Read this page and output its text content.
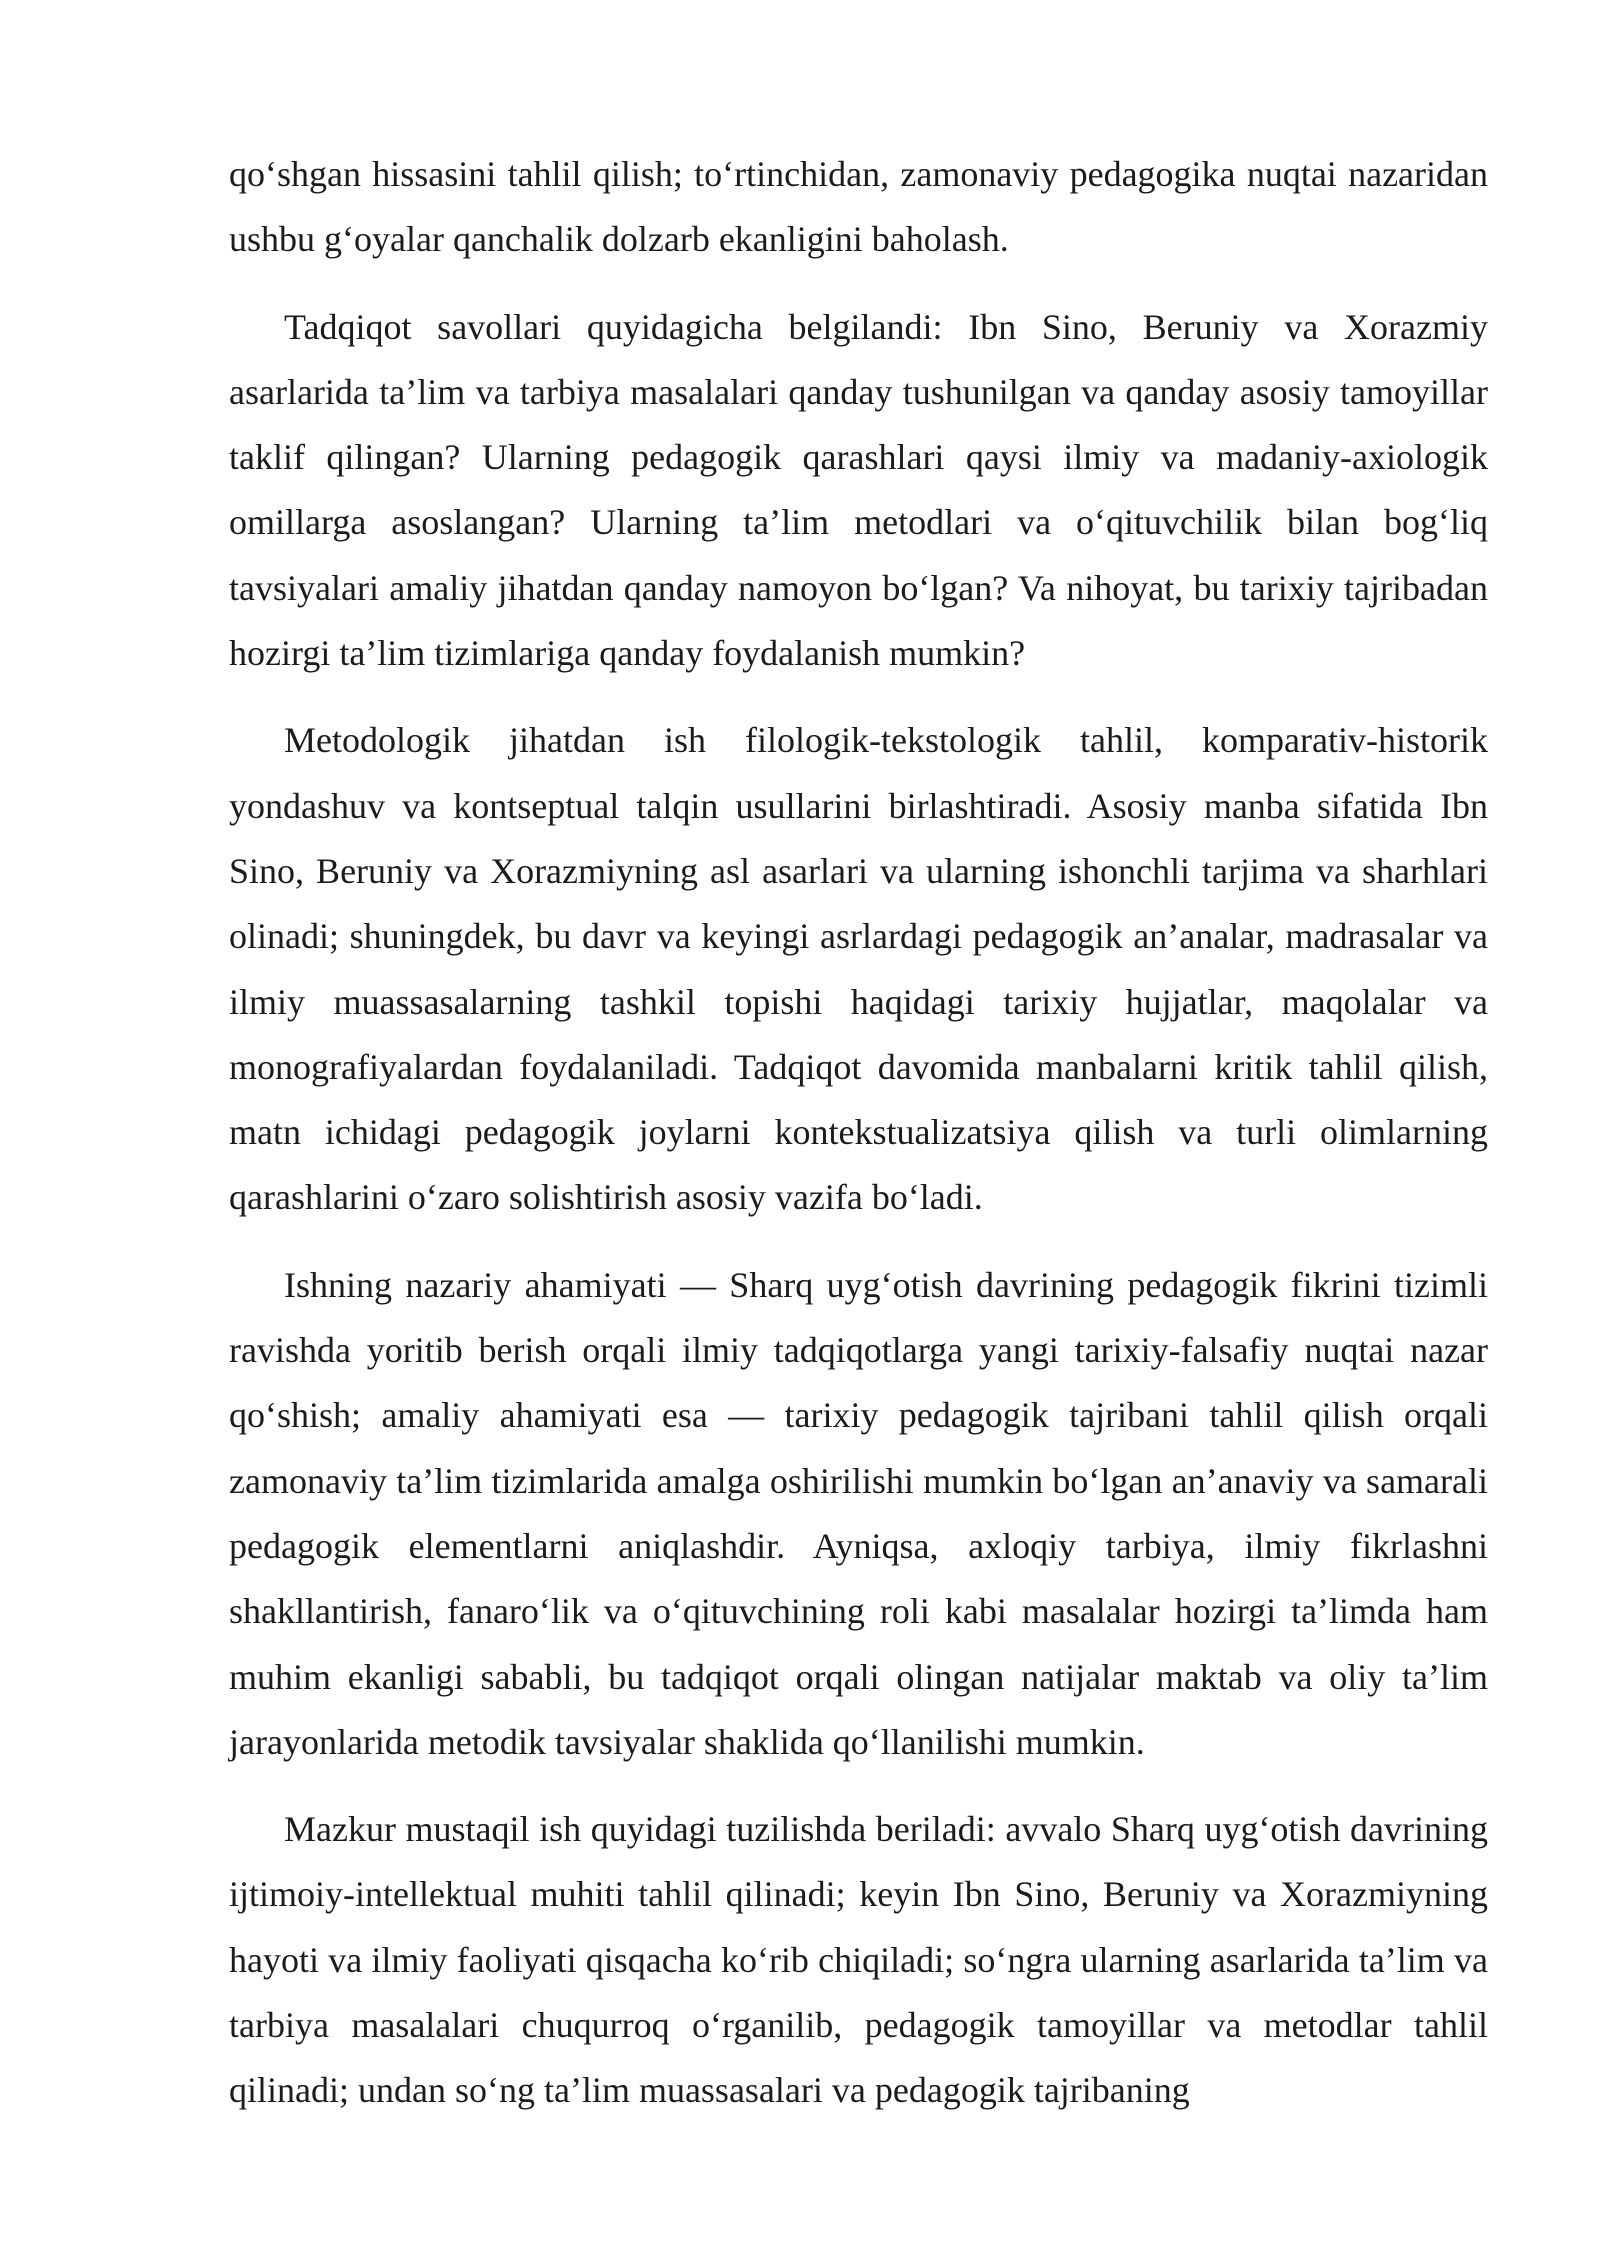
qo‘shgan hissasini tahlil qilish; to‘rtinchidan, zamonaviy pedagogika nuqtai nazaridan ushbu g‘oyalar qanchalik dolzarb ekanligini baholash.

Tadqiqot savollari quyidagicha belgilandi: Ibn Sino, Beruniy va Xorazmiy asarlarida ta’lim va tarbiya masalalari qanday tushunilgan va qanday asosiy tamoyillar taklif qilingan? Ularning pedagogik qarashlari qaysi ilmiy va madaniy-axiologik omillarga asoslangan? Ularning ta’lim metodlari va o‘qituvchilik bilan bog‘liq tavsiyalari amaliy jihatdan qanday namoyon bo‘lgan? Va nihoyat, bu tarixiy tajribadan hozirgi ta’lim tizimlariga qanday foydalanish mumkin?

Metodologik jihatdan ish filologik-tekstologik tahlil, komparativ-historik yondashuv va kontseptual talqin usullarini birlashtiradi. Asosiy manba sifatida Ibn Sino, Beruniy va Xorazmiyning asl asarlari va ularning ishonchli tarjima va sharhlari olinadi; shuningdek, bu davr va keyingi asrlardagi pedagogik an’analar, madrasalar va ilmiy muassasalarning tashkil topishi haqidagi tarixiy hujjatlar, maqolalar va monografiyalardan foydalaniladi. Tadqiqot davomida manbalarni kritik tahlil qilish, matn ichidagi pedagogik joylarni kontekstualizatsiya qilish va turli olimlarning qarashlarini o‘zaro solishtirish asosiy vazifa bo‘ladi.

Ishning nazariy ahamiyati — Sharq uyg‘otish davrining pedagogik fikrini tizimli ravishda yoritib berish orqali ilmiy tadqiqotlarga yangi tarixiy-falsafiy nuqtai nazar qo‘shish; amaliy ahamiyati esa — tarixiy pedagogik tajribani tahlil qilish orqali zamonaviy ta’lim tizimlarida amalga oshirilishi mumkin bo‘lgan an’anaviy va samarali pedagogik elementlarni aniqlashdir. Ayniqsa, axloqiy tarbiya, ilmiy fikrlashni shakllantirish, fanaro‘lik va o‘qituvchining roli kabi masalalar hozirgi ta’limda ham muhim ekanligi sababli, bu tadqiqot orqali olingan natijalar maktab va oliy ta’lim jarayonlarida metodik tavsiyalar shaklida qo‘llanilishi mumkin.

Mazkur mustaqil ish quyidagi tuzilishda beriladi: avvalo Sharq uyg‘otish davrining ijtimoiy-intellektual muhiti tahlil qilinadi; keyin Ibn Sino, Beruniy va Xorazmiyning hayoti va ilmiy faoliyati qisqacha ko‘rib chiqiladi; so‘ngra ularning asarlarida ta’lim va tarbiya masalalari chuqurroq o‘rganilib, pedagogik tamoyillar va metodlar tahlil qilinadi; undan so‘ng ta’lim muassasalari va pedagogik tajribaning
